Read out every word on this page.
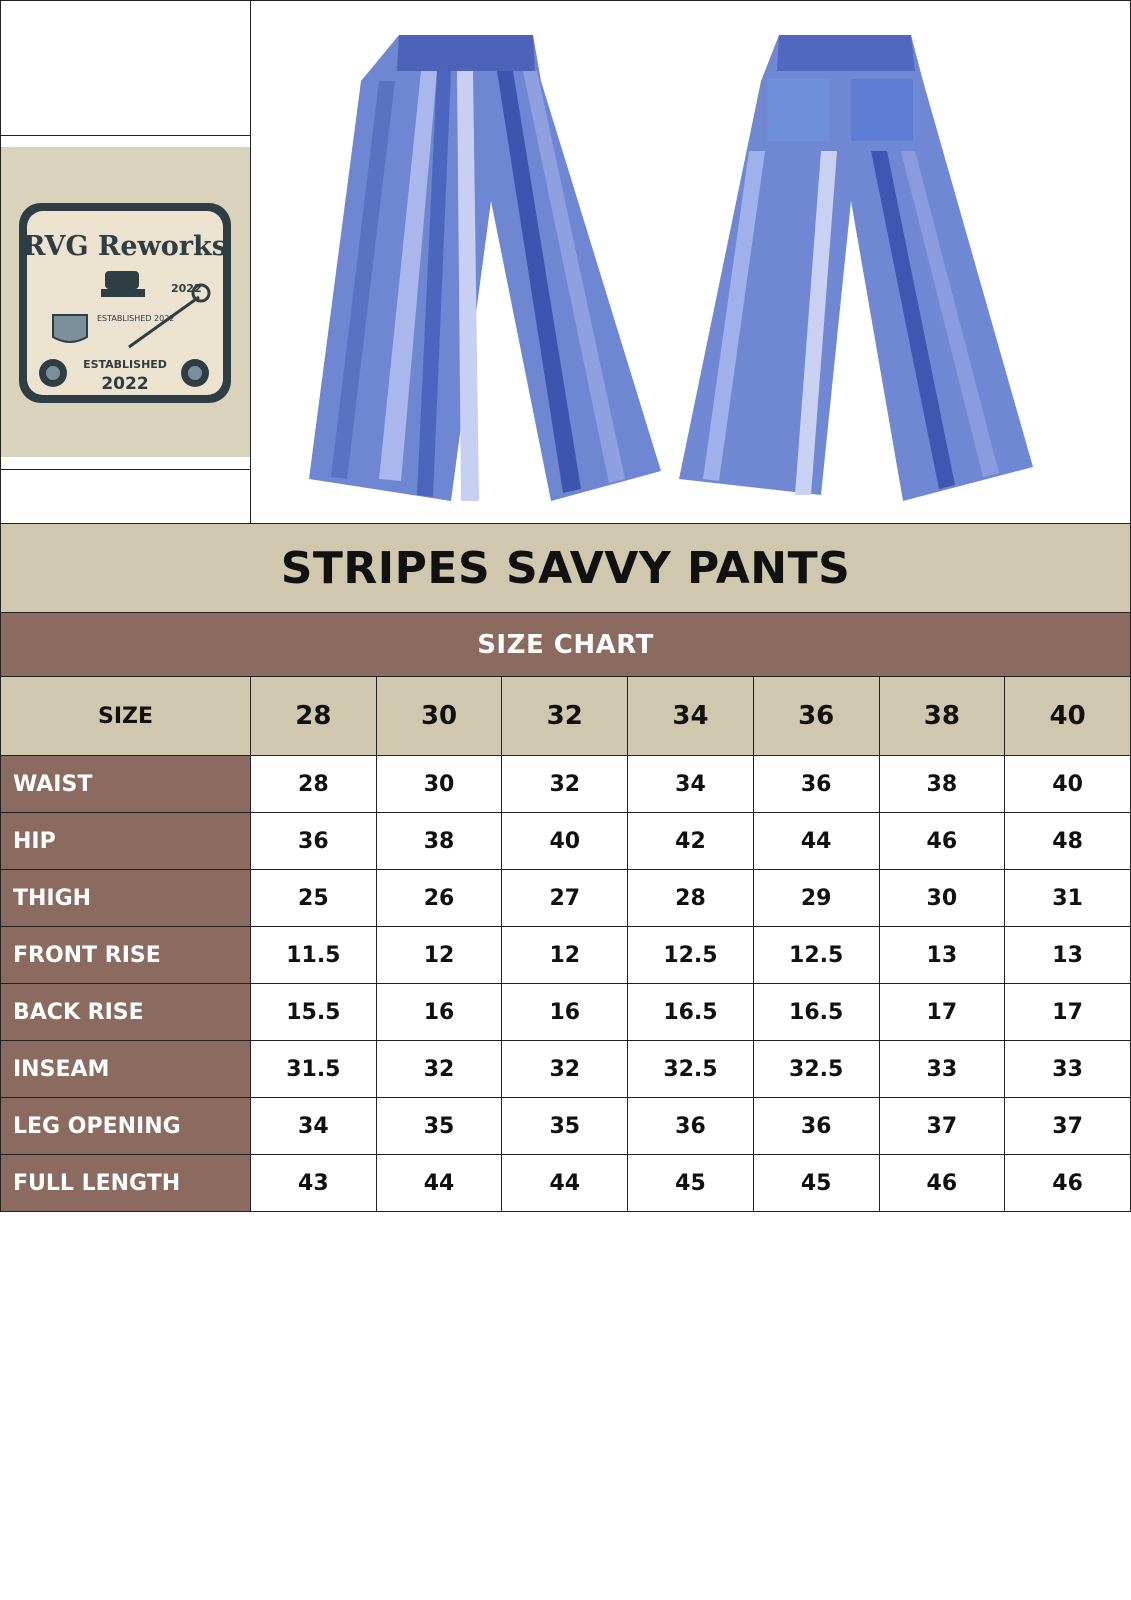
RVG Reworks
2022
ESTABLISHED 2022
ESTABLISHED
2022
STRIPES SAVVY PANTS
SIZE CHART
SIZE	28	30	32	34	36	38	40
WAIST	28	30	32	34	36	38	40
HIP	36	38	40	42	44	46	48
THIGH	25	26	27	28	29	30	31
FRONT RISE	11.5	12	12	12.5	12.5	13	13
BACK RISE	15.5	16	16	16.5	16.5	17	17
INSEAM	31.5	32	32	32.5	32.5	33	33
LEG OPENING	34	35	35	36	36	37	37
FULL LENGTH	43	44	44	45	45	46	46
